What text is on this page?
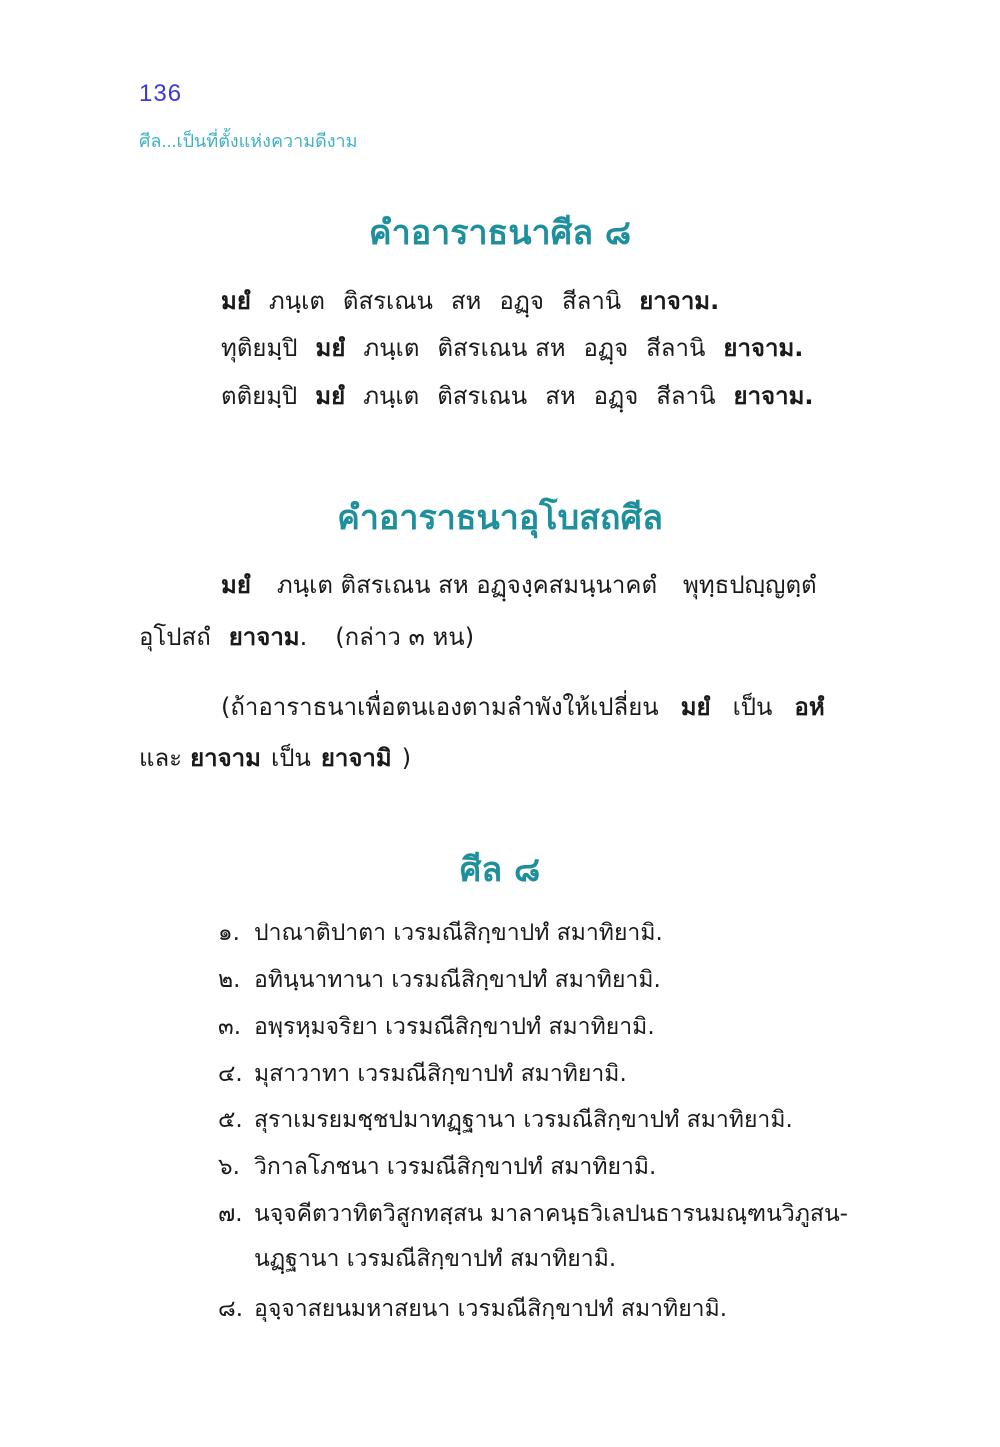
136
ศีล...เป็นที่ตั้งแห่งความดีงาม
คำอาราธนาศีล ๘
มยํ ภนฺเต ติสรเณน สห อฏฺจ สีลานิ ยาจาม.
ทุติยมฺปิ มยํ ภนฺเต ติสรเณน สห อฏฺจ สีลานิ ยาจาม.
ตติยมฺปิ มยํ ภนฺเต ติสรเณน สห อฏฺจ สีลานิ ยาจาม.
คำอาราธนาอุโบสถศีล
มยํ ภนฺเต ติสรเณน สห อฏฺจงฺคสมนฺนาคตํ พุทฺธปญฺญตฺตํ
อุโปสถํ ยาจาม. (กล่าว ๓ หน)
(ถ้าอาราธนาเพื่อตนเองตามลำพังให้เปลี่ยน มยํ เป็น อหํ
และ ยาจาม เป็น ยาจามิ )
ศีล ๘
๑. ปาณาติปาตา เวรมณีสิกฺขาปทํ สมาทิยามิ.
๒. อทินฺนาทานา เวรมณีสิกฺขาปทํ สมาทิยามิ.
๓. อพฺรหฺมจริยา เวรมณีสิกฺขาปทํ สมาทิยามิ.
๔. มุสาวาทา เวรมณีสิกฺขาปทํ สมาทิยามิ.
๕. สุราเมรยมชฺชปมาทฏฺฐานา เวรมณีสิกฺขาปทํ สมาทิยามิ.
๖. วิกาลโภชนา เวรมณีสิกฺขาปทํ สมาทิยามิ.
๗. นจฺจคีตวาทิตวิสูกทสฺสน มาลาคนฺธวิเลปนธารนมณฺฑนวิภูสน-
นฏฺฐานา เวรมณีสิกฺขาปทํ สมาทิยามิ.
๘. อุจฺจาสยนมหาสยนา เวรมณีสิกฺขาปทํ สมาทิยามิ.
